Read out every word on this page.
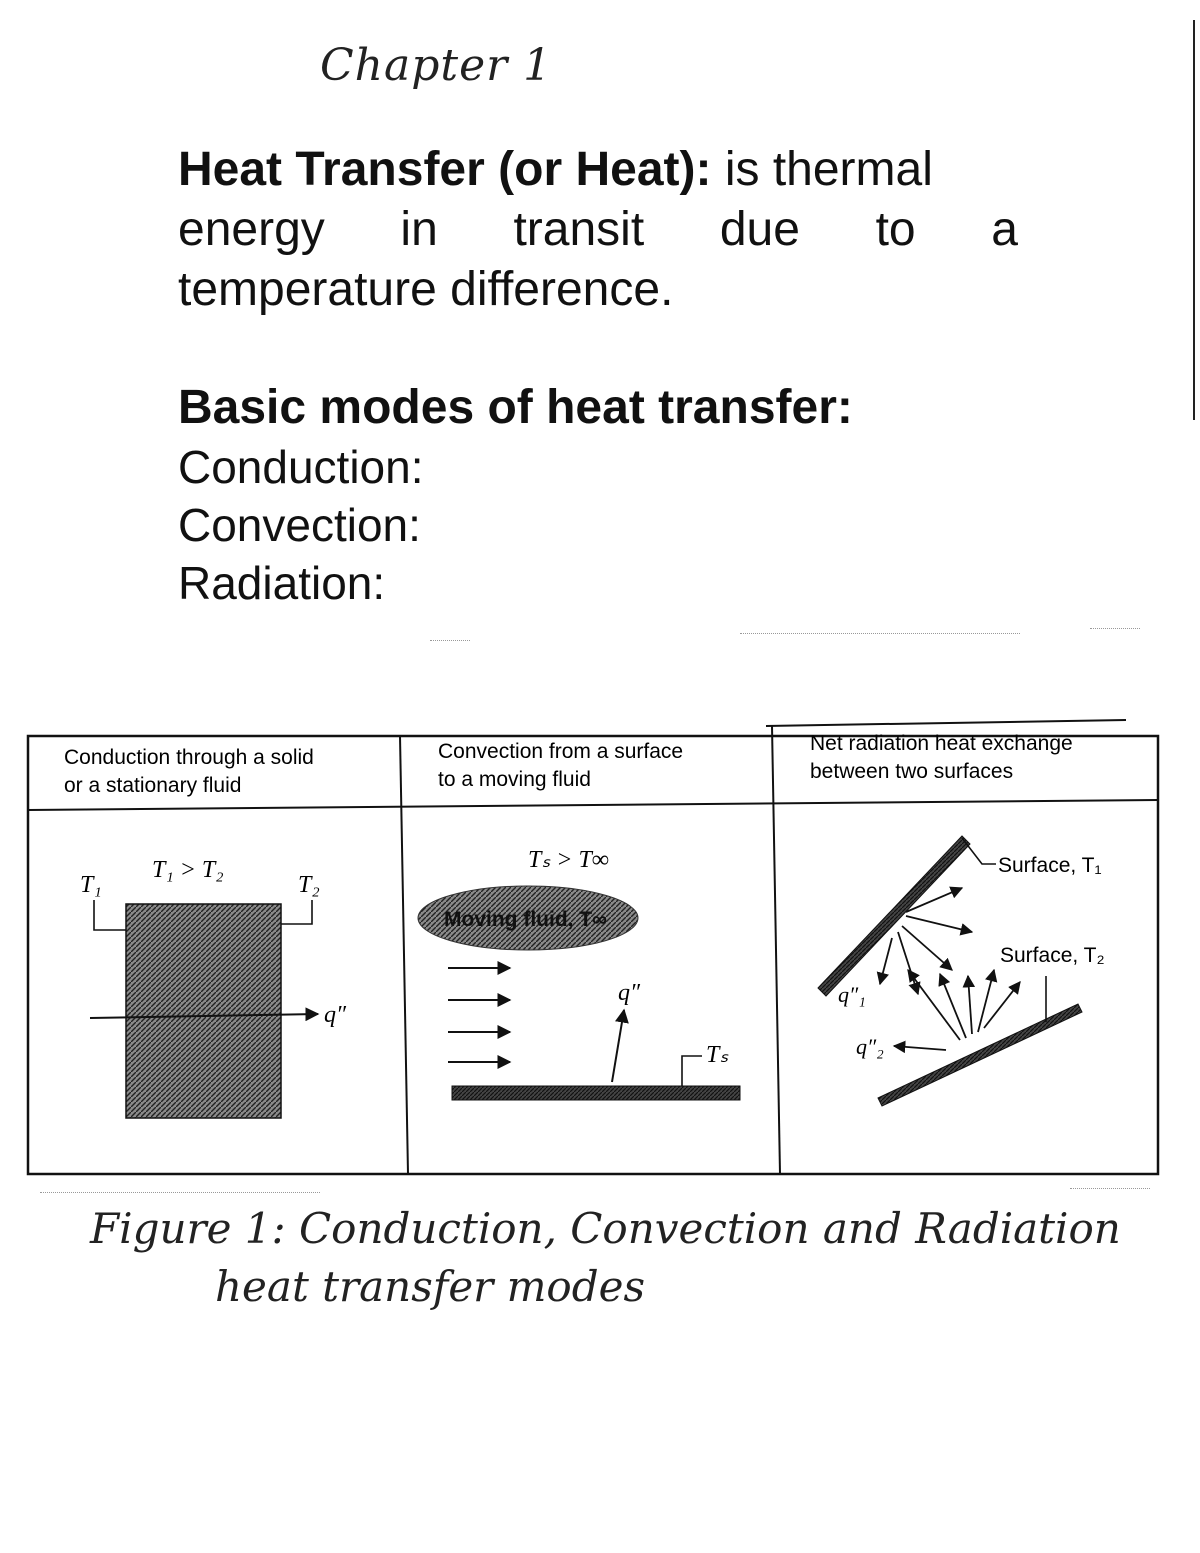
Chapter 1
Heat Transfer (or Heat): is thermal
energy in transit due to a
temperature difference.
Basic modes of heat transfer:
Conduction:
Convection:
Radiation:
Conduction through a solid
or a stationary fluid
T₁ > T₂
T₁	T₂
q″
Convection from a surface
to a moving fluid
Tₛ > T∞
Moving fluid, T∞
q″
Tₛ
Net radiation heat exchange
between two surfaces
Surface, T₁
Surface, T₂
q″₁
q″₂
Figure 1: Conduction, Convection and Radiation
heat transfer modes
